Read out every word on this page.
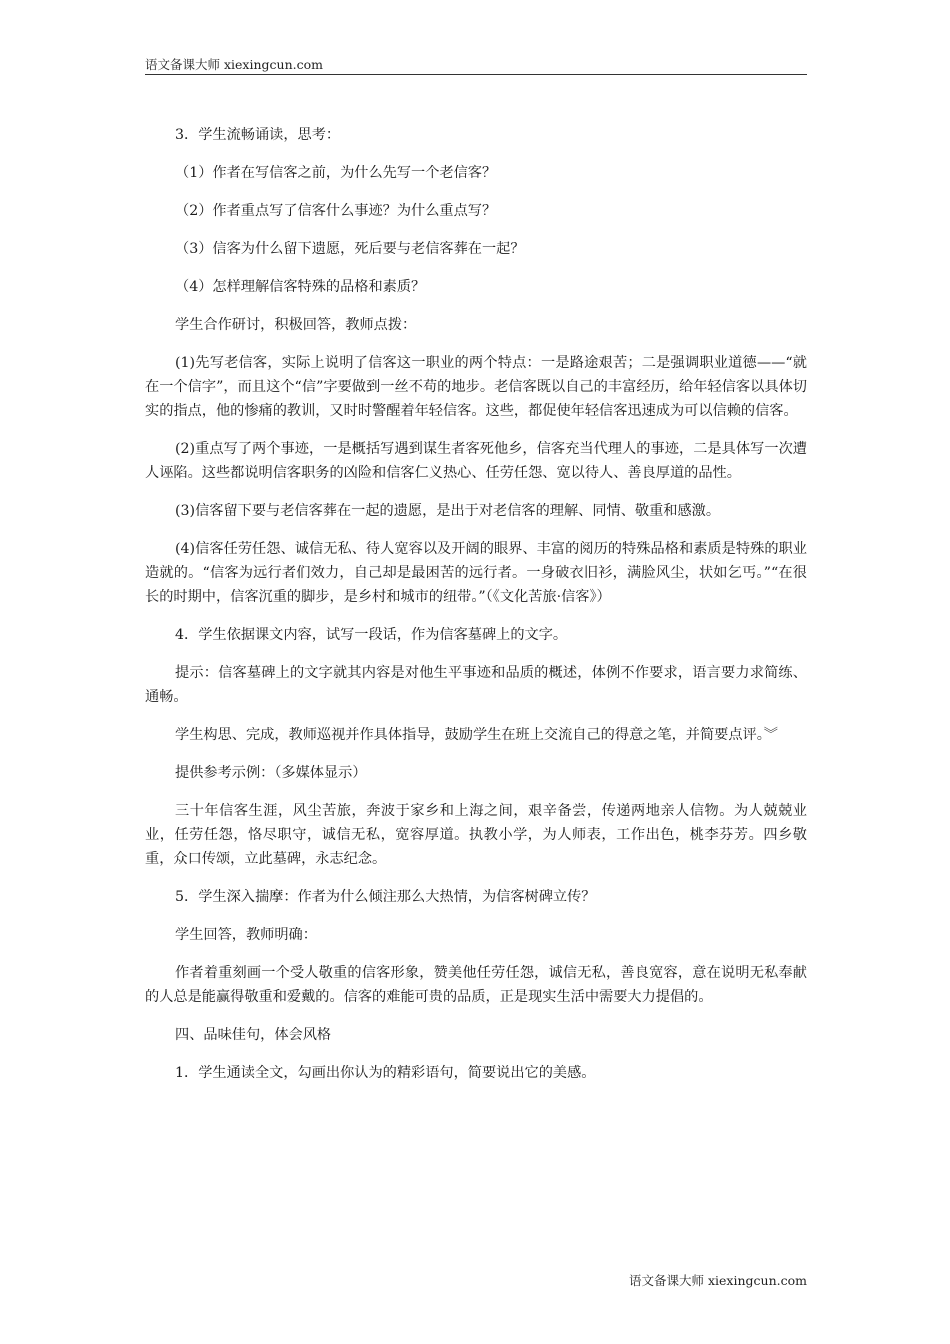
语文备课大师 xiexingcun.com

3．学生流畅诵读，思考：

（1）作者在写信客之前，为什么先写一个老信客？

（2）作者重点写了信客什么事迹？为什么重点写？

（3）信客为什么留下遗愿，死后要与老信客葬在一起？

（4）怎样理解信客特殊的品格和素质？

学生合作研讨，积极回答，教师点拨：

(1)先写老信客，实际上说明了信客这一职业的两个特点：一是路途艰苦；二是强调职业道德——“就在一个信字”，而且这个“信”字要做到一丝不苟的地步。老信客既以自己的丰富经历，给年轻信客以具体切实的指点，他的惨痛的教训，又时时警醒着年轻信客。这些，都促使年轻信客迅速成为可以信赖的信客。

(2)重点写了两个事迹，一是概括写遇到谋生者客死他乡，信客充当代理人的事迹，二是具体写一次遭人诬陷。这些都说明信客职务的凶险和信客仁义热心、任劳任怨、宽以待人、善良厚道的品性。

(3)信客留下要与老信客葬在一起的遗愿，是出于对老信客的理解、同情、敬重和感激。

(4)信客任劳任怨、诚信无私、待人宽容以及开阔的眼界、丰富的阅历的特殊品格和素质是特殊的职业造就的。“信客为远行者们效力，自己却是最困苦的远行者。一身破衣旧衫，满脸风尘，状如乞丐。”“在很长的时期中，信客沉重的脚步，是乡村和城市的纽带。”（《文化苦旅·信客》）

4．学生依据课文内容，试写一段话，作为信客墓碑上的文字。

提示：信客墓碑上的文字就其内容是对他生平事迹和品质的概述，体例不作要求，语言要力求简练、通畅。

学生构思、完成，教师巡视并作具体指导，鼓励学生在班上交流自己的得意之笔，并简要点评。︾

提供参考示例：（多媒体显示）

三十年信客生涯，风尘苦旅，奔波于家乡和上海之间，艰辛备尝，传递两地亲人信物。为人兢兢业业，任劳任怨，恪尽职守，诚信无私，宽容厚道。执教小学，为人师表，工作出色，桃李芬芳。四乡敬重，众口传颂，立此墓碑，永志纪念。

5．学生深入揣摩：作者为什么倾注那么大热情，为信客树碑立传？

学生回答，教师明确：

作者着重刻画一个受人敬重的信客形象，赞美他任劳任怨，诚信无私，善良宽容，意在说明无私奉献的人总是能赢得敬重和爱戴的。信客的难能可贵的品质，正是现实生活中需要大力提倡的。

四、品味佳句，体会风格

1．学生通读全文，勾画出你认为的精彩语句，简要说出它的美感。

语文备课大师 xiexingcun.com
